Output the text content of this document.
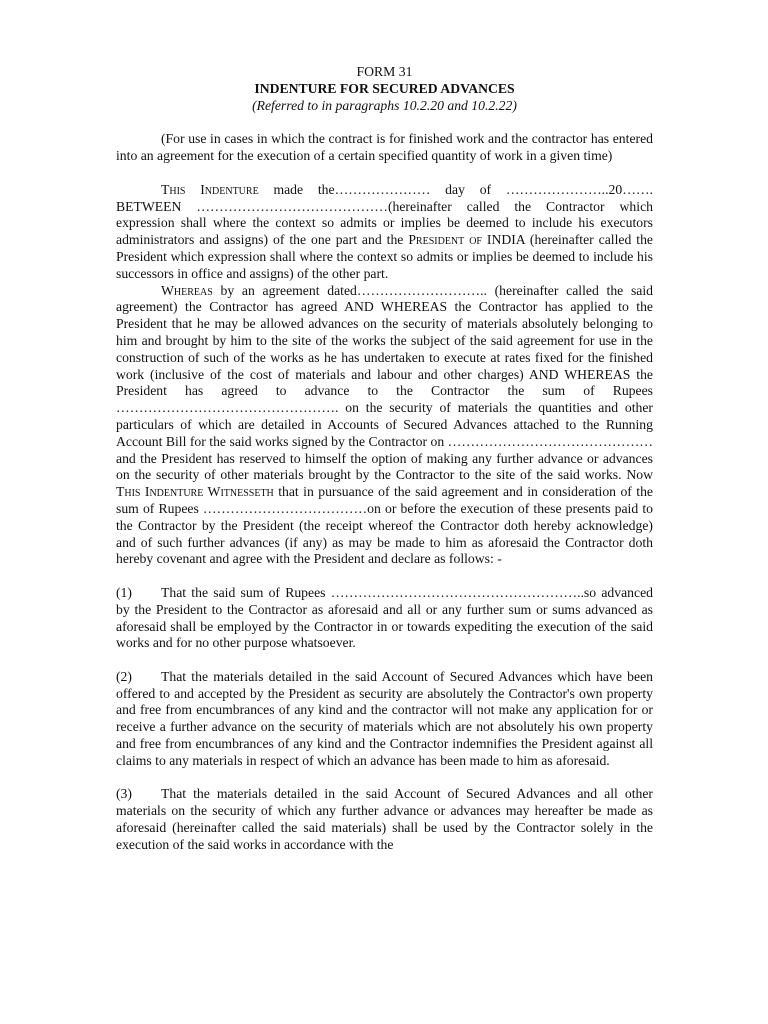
FORM 31
INDENTURE FOR SECURED ADVANCES
(Referred to in paragraphs 10.2.20 and 10.2.22)

(For use in cases in which the contract is for finished work and the contractor has entered into an agreement for the execution of a certain specified quantity of work in a given time)

This Indenture made the………………… day of …………………..20……. BETWEEN ……………………………………(hereinafter called the Contractor which expression shall where the context so admits or implies be deemed to include his executors administrators and assigns) of the one part and the President of INDIA (hereinafter called the President which expression shall where the context so admits or implies be deemed to include his successors in office and assigns) of the other part.

Whereas by an agreement dated……………………….. (hereinafter called the said agreement) the Contractor has agreed AND WHEREAS the Contractor has applied to the President that he may be allowed advances on the security of materials absolutely belonging to him and brought by him to the site of the works the subject of the said agreement for use in the construction of such of the works as he has undertaken to execute at rates fixed for the finished work (inclusive of the cost of materials and labour and other charges) AND WHEREAS the President has agreed to advance to the Contractor the sum of Rupees …………………………………………. on the security of materials the quantities and other particulars of which are detailed in Accounts of Secured Advances attached to the Running Account Bill for the said works signed by the Contractor on ………………………………………and the President has reserved to himself the option of making any further advance or advances on the security of other materials brought by the Contractor to the site of the said works. Now This Indenture Witnesseth that in pursuance of the said agreement and in consideration of the sum of Rupees ………………………………on or before the execution of these presents paid to the Contractor by the President (the receipt whereof the Contractor doth hereby acknowledge) and of such further advances (if any) as may be made to him as aforesaid the Contractor doth hereby covenant and agree with the President and declare as follows: -

(1) That the said sum of Rupees ………………………………………………..so advanced by the President to the Contractor as aforesaid and all or any further sum or sums advanced as aforesaid shall be employed by the Contractor in or towards expediting the execution of the said works and for no other purpose whatsoever.

(2) That the materials detailed in the said Account of Secured Advances which have been offered to and accepted by the President as security are absolutely the Contractor's own property and free from encumbrances of any kind and the contractor will not make any application for or receive a further advance on the security of materials which are not absolutely his own property and free from encumbrances of any kind and the Contractor indemnifies the President against all claims to any materials in respect of which an advance has been made to him as aforesaid.

(3) That the materials detailed in the said Account of Secured Advances and all other materials on the security of which any further advance or advances may hereafter be made as aforesaid (hereinafter called the said materials) shall be used by the Contractor solely in the execution of the said works in accordance with the
